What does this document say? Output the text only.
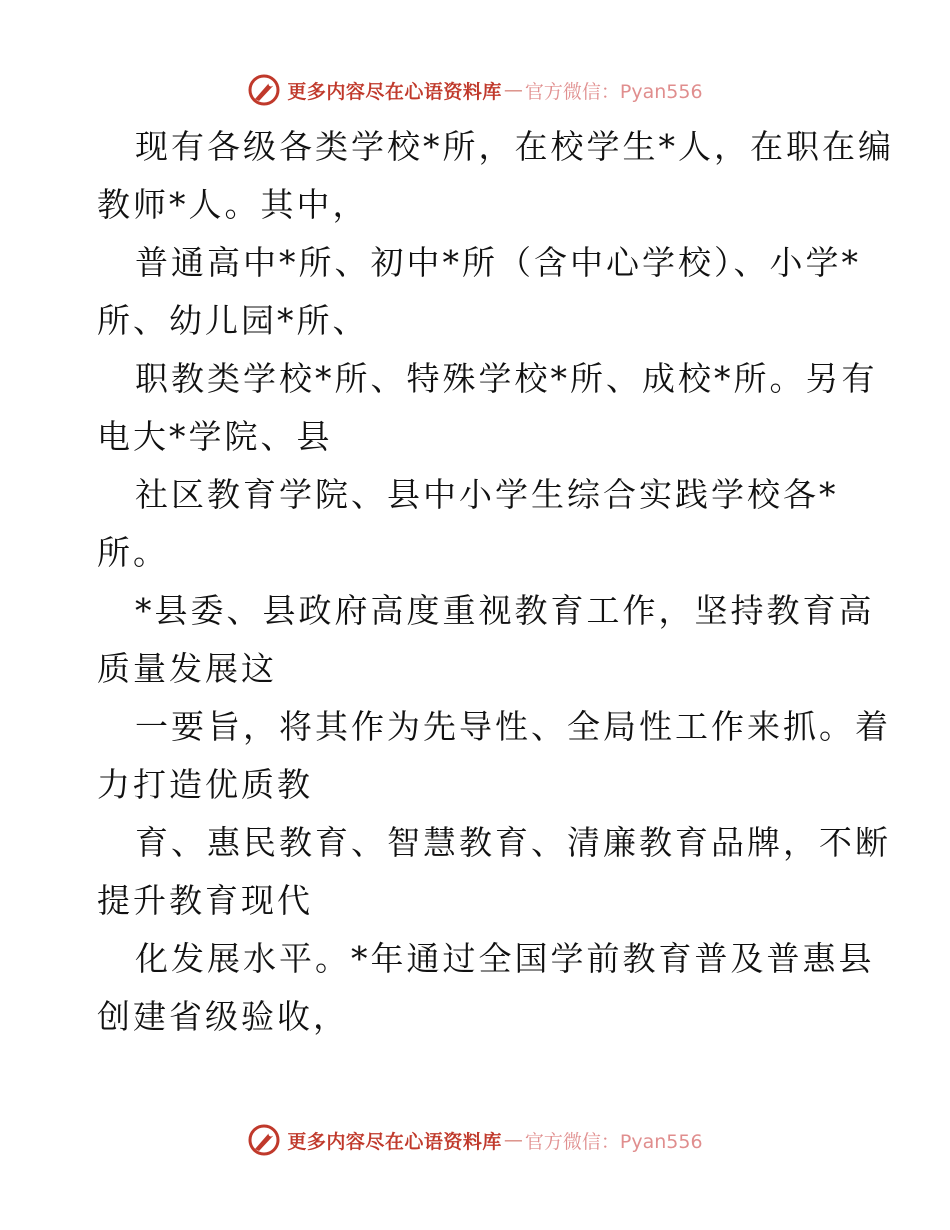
更多内容尽在心语资料库 — 官方微信：Pyan556
现有各级各类学校*所，在校学生*人，在职在编
教师*人。其中，
普通高中*所、初中*所（含中心学校）、小学*
所、幼儿园*所、
职教类学校*所、特殊学校*所、成校*所。另有
电大*学院、县
社区教育学院、县中小学生综合实践学校各*
所。
*县委、县政府高度重视教育工作，坚持教育高
质量发展这
一要旨，将其作为先导性、全局性工作来抓。着
力打造优质教
育、惠民教育、智慧教育、清廉教育品牌，不断
提升教育现代
化发展水平。*年通过全国学前教育普及普惠县
创建省级验收，
更多内容尽在心语资料库 — 官方微信：Pyan556
